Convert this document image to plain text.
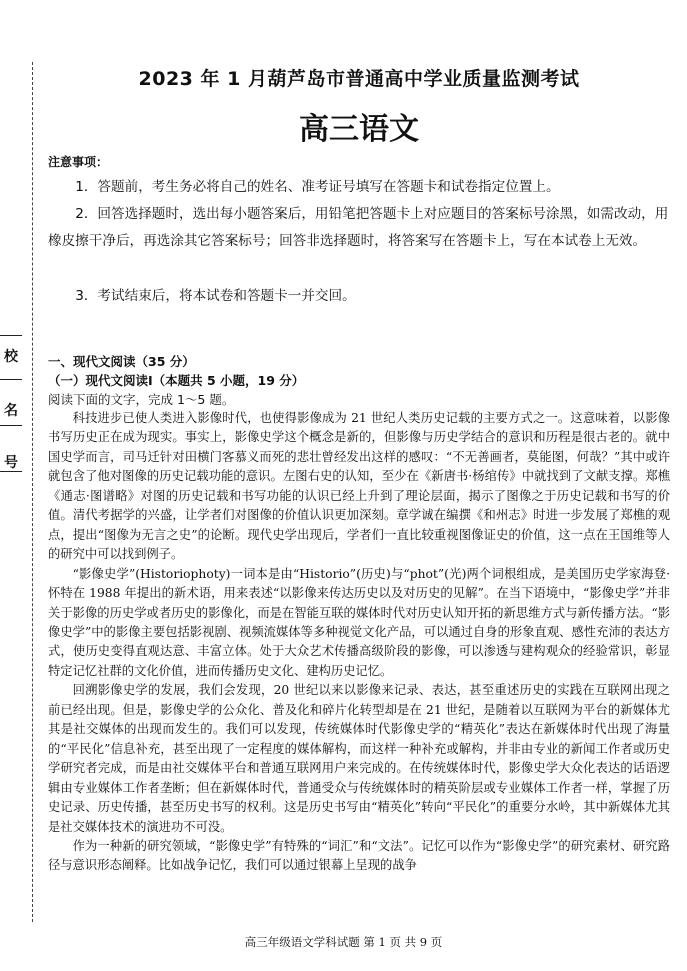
校
名
号
2023 年 1 月葫芦岛市普通高中学业质量监测考试
高三语文
注意事项：
1．答题前，考生务必将自己的姓名、准考证号填写在答题卡和试卷指定位置上。
2．回答选择题时，选出每小题答案后，用铅笔把答题卡上对应题目的答案标号涂黑，如需改动，用橡皮擦干净后，再选涂其它答案标号；回答非选择题时，将答案写在答题卡上，写在本试卷上无效。
3．考试结束后，将本试卷和答题卡一并交回。
一、现代文阅读（35 分）
（一）现代文阅读Ⅰ（本题共 5 小题，19 分）
阅读下面的文字，完成 1～5 题。

科技进步已使人类进入影像时代，也使得影像成为 21 世纪人类历史记载的主要方式之一。这意味着，以影像书写历史正在成为现实。事实上，影像史学这个概念是新的，但影像与历史学结合的意识和历程是很古老的。就中国史学而言，司马迁针对田横门客慕义而死的悲壮曾经发出这样的感叹：“不无善画者，莫能图，何哉？”其中或许就包含了他对图像的历史记载功能的意识。左图右史的认知，至少在《新唐书·杨绾传》中就找到了文献支撑。郑樵《通志·图谱略》对图的历史记载和书写功能的认识已经上升到了理论层面，揭示了图像之于历史记载和书写的价值。清代考据学的兴盛，让学者们对图像的价值认识更加深刻。章学诚在编撰《和州志》时进一步发展了郑樵的观点，提出“图像为无言之史”的论断。现代史学出现后，学者们一直比较重视图像证史的价值，这一点在王国维等人的研究中可以找到例子。

“影像史学”(Historiophoty)一词本是由“Historio”(历史)与“phot”(光)两个词根组成，是美国历史学家海登·怀特在 1988 年提出的新术语，用来表述“以影像来传达历史以及对历史的见解”。在当下语境中，“影像史学”并非关于影像的历史学或者历史的影像化，而是在智能互联的媒体时代对历史认知开拓的新思维方式与新传播方法。“影像史学”中的影像主要包括影视剧、视频流媒体等多种视觉文化产品，可以通过自身的形象直观、感性充沛的表达方式，使历史变得直观达意、丰富立体。处于大众艺术传播高级阶段的影像，可以渗透与建构观众的经验常识，彰显特定记忆社群的文化价值，进而传播历史文化、建构历史记忆。

回溯影像史学的发展，我们会发现，20 世纪以来以影像来记录、表达，甚至重述历史的实践在互联网出现之前已经出现。但是，影像史学的公众化、普及化和碎片化转型却是在 21 世纪，是随着以互联网为平台的新媒体尤其是社交媒体的出现而发生的。我们可以发现，传统媒体时代影像史学的“精英化”表达在新媒体时代出现了海量的“平民化”信息补充，甚至出现了一定程度的媒体解构，而这样一种补充或解构，并非由专业的新闻工作者或历史学研究者完成，而是由社交媒体平台和普通互联网用户来完成的。在传统媒体时代，影像史学大众化表达的话语逻辑由专业媒体工作者垄断；但在新媒体时代，普通受众与传统媒体时的精英阶层或专业媒体工作者一样，掌握了历史记录、历史传播，甚至历史书写的权利。这是历史书写由“精英化”转向“平民化”的重要分水岭，其中新媒体尤其是社交媒体技术的演进功不可没。

作为一种新的研究领域，“影像史学”有特殊的“词汇”和“文法”。记忆可以作为“影像史学”的研究素材、研究路径与意识形态阐释。比如战争记忆，我们可以通过银幕上呈现的战争

高三年级语文学科试题 第 1 页 共 9 页
